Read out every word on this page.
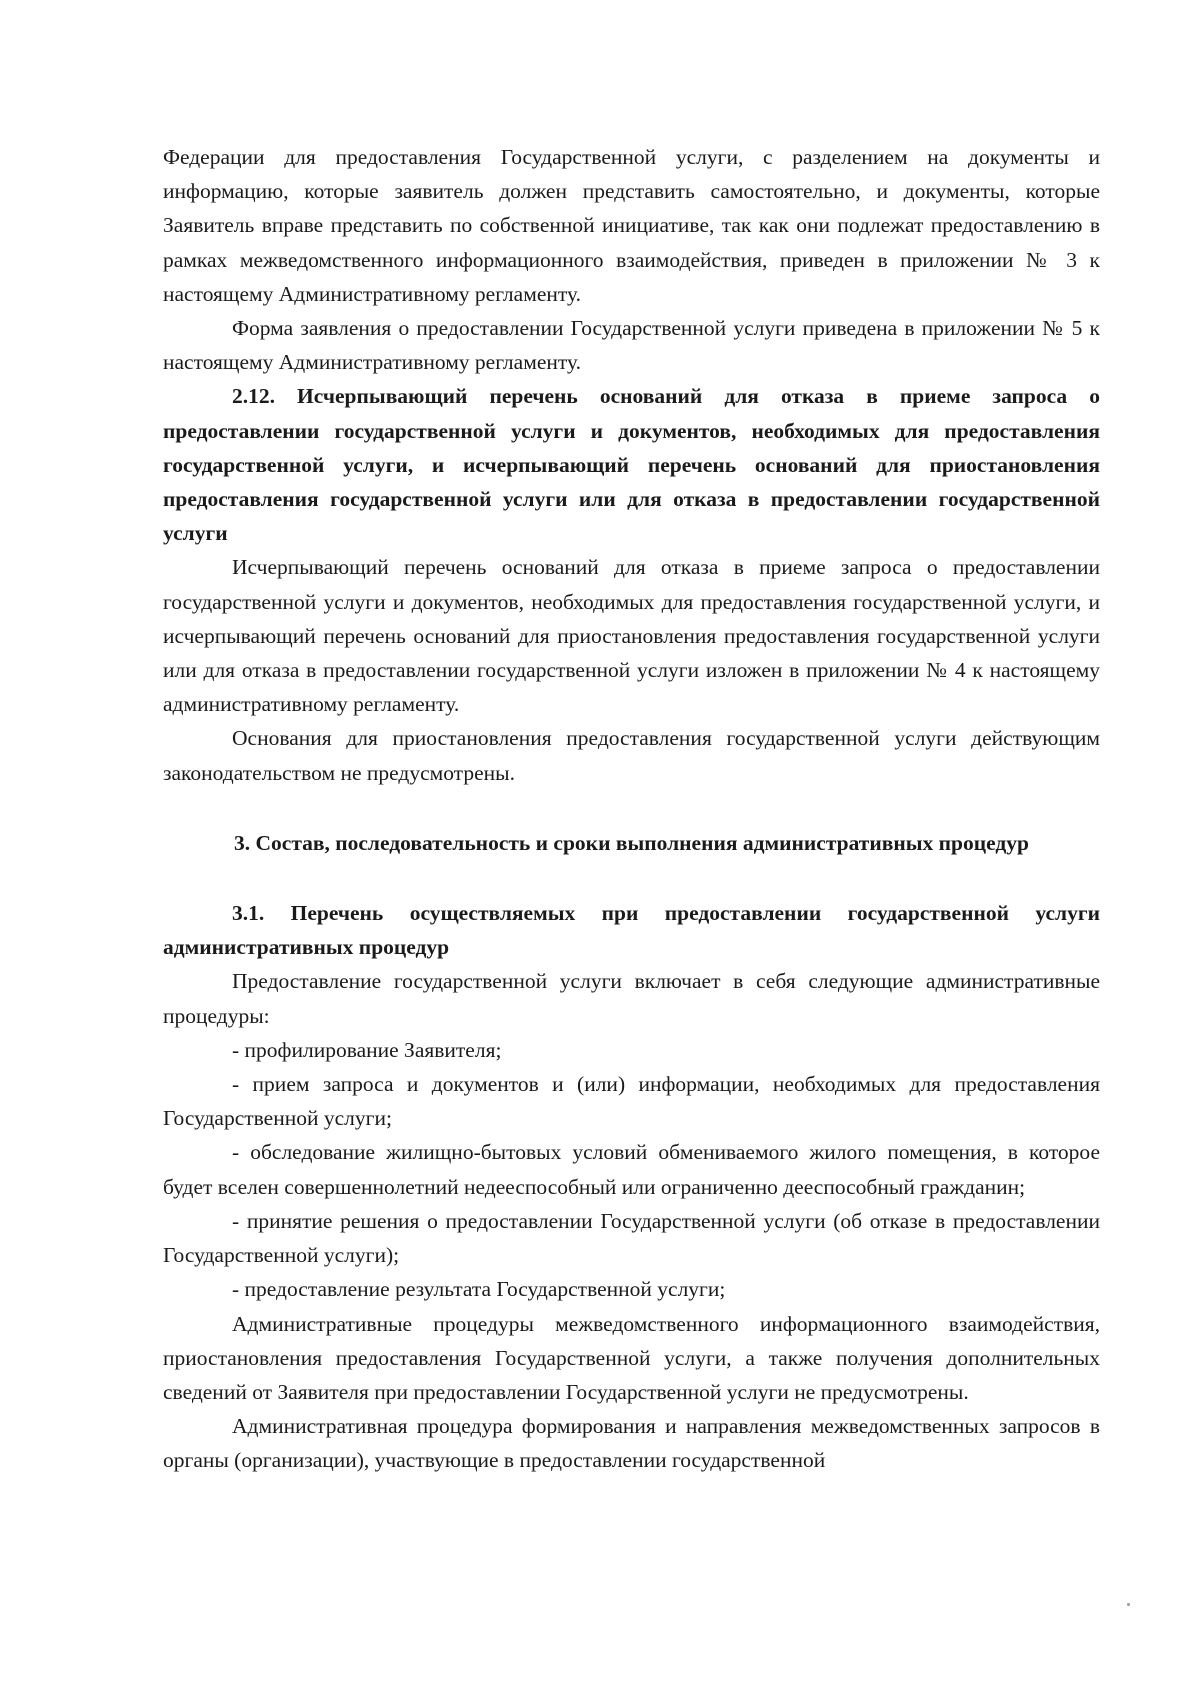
Федерации для предоставления Государственной услуги, с разделением на документы и информацию, которые заявитель должен представить самостоятельно, и документы, которые Заявитель вправе представить по собственной инициативе, так как они подлежат предоставлению в рамках межведомственного информационного взаимодействия, приведен в приложении № 3 к настоящему Административному регламенту.

Форма заявления о предоставлении Государственной услуги приведена в приложении № 5 к настоящему Административному регламенту.

2.12. Исчерпывающий перечень оснований для отказа в приеме запроса о предоставлении государственной услуги и документов, необходимых для предоставления государственной услуги, и исчерпывающий перечень оснований для приостановления предоставления государственной услуги или для отказа в предоставлении государственной услуги

Исчерпывающий перечень оснований для отказа в приеме запроса о предоставлении государственной услуги и документов, необходимых для предоставления государственной услуги, и исчерпывающий перечень оснований для приостановления предоставления государственной услуги или для отказа в предоставлении государственной услуги изложен в приложении № 4 к настоящему административному регламенту.

Основания для приостановления предоставления государственной услуги действующим законодательством не предусмотрены.

3. Состав, последовательность и сроки выполнения административных процедур

3.1. Перечень осуществляемых при предоставлении государственной услуги административных процедур

Предоставление государственной услуги включает в себя следующие административные процедуры:

- профилирование Заявителя;

- прием запроса и документов и (или) информации, необходимых для предоставления Государственной услуги;

- обследование жилищно-бытовых условий обмениваемого жилого помещения, в которое будет вселен совершеннолетний недееспособный или ограниченно дееспособный гражданин;

- принятие решения о предоставлении Государственной услуги (об отказе в предоставлении Государственной услуги);

- предоставление результата Государственной услуги;

Административные процедуры межведомственного информационного взаимодействия, приостановления предоставления Государственной услуги, а также получения дополнительных сведений от Заявителя при предоставлении Государственной услуги не предусмотрены.

Административная процедура формирования и направления межведомственных запросов в органы (организации), участвующие в предоставлении государственной
